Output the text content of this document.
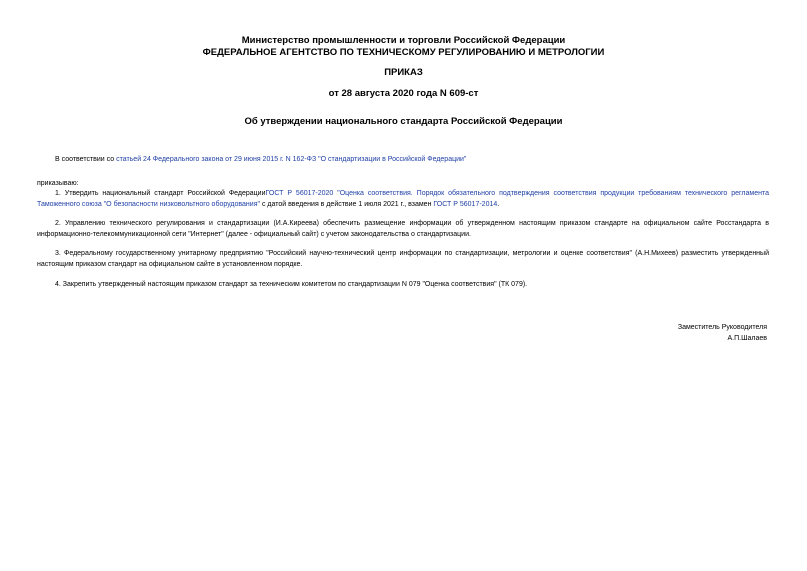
Министерство промышленности и торговли Российской Федерации

ФЕДЕРАЛЬНОЕ АГЕНТСТВО ПО ТЕХНИЧЕСКОМУ РЕГУЛИРОВАНИЮ И МЕТРОЛОГИИ

ПРИКАЗ

от 28 августа 2020 года N 609-ст

Об утверждении национального стандарта Российской Федерации

В соответствии со статьей 24 Федерального закона от 29 июня 2015 г. N 162-ФЗ "О стандартизации в Российской Федерации"

приказываю:

1. Утвердить национальный стандарт Российской ФедерацииГОСТ Р 56017-2020 "Оценка соответствия. Порядок обязательного подтверждения соответствия продукции требованиям технического регламента Таможенного союза "О безопасности низковольтного оборудования" с датой введения в действие 1 июля 2021 г., взамен ГОСТ Р 56017-2014.

2. Управлению технического регулирования и стандартизации (И.А.Киреева) обеспечить размещение информации об утвержденном настоящим приказом стандарте на официальном сайте Росстандарта в информационно-телекоммуникационной сети "Интернет" (далее - официальный сайт) с учетом законодательства о стандартизации.

3. Федеральному государственному унитарному предприятию "Российский научно-технический центр информации по стандартизации, метрологии и оценке соответствия" (А.Н.Михеев) разместить утвержденный настоящим приказом стандарт на официальном сайте в установленном порядке.

4. Закрепить утвержденный настоящим приказом стандарт за техническим комитетом по стандартизации N 079 "Оценка соответствия" (ТК 079).

Заместитель Руководителя

А.П.Шалаев
